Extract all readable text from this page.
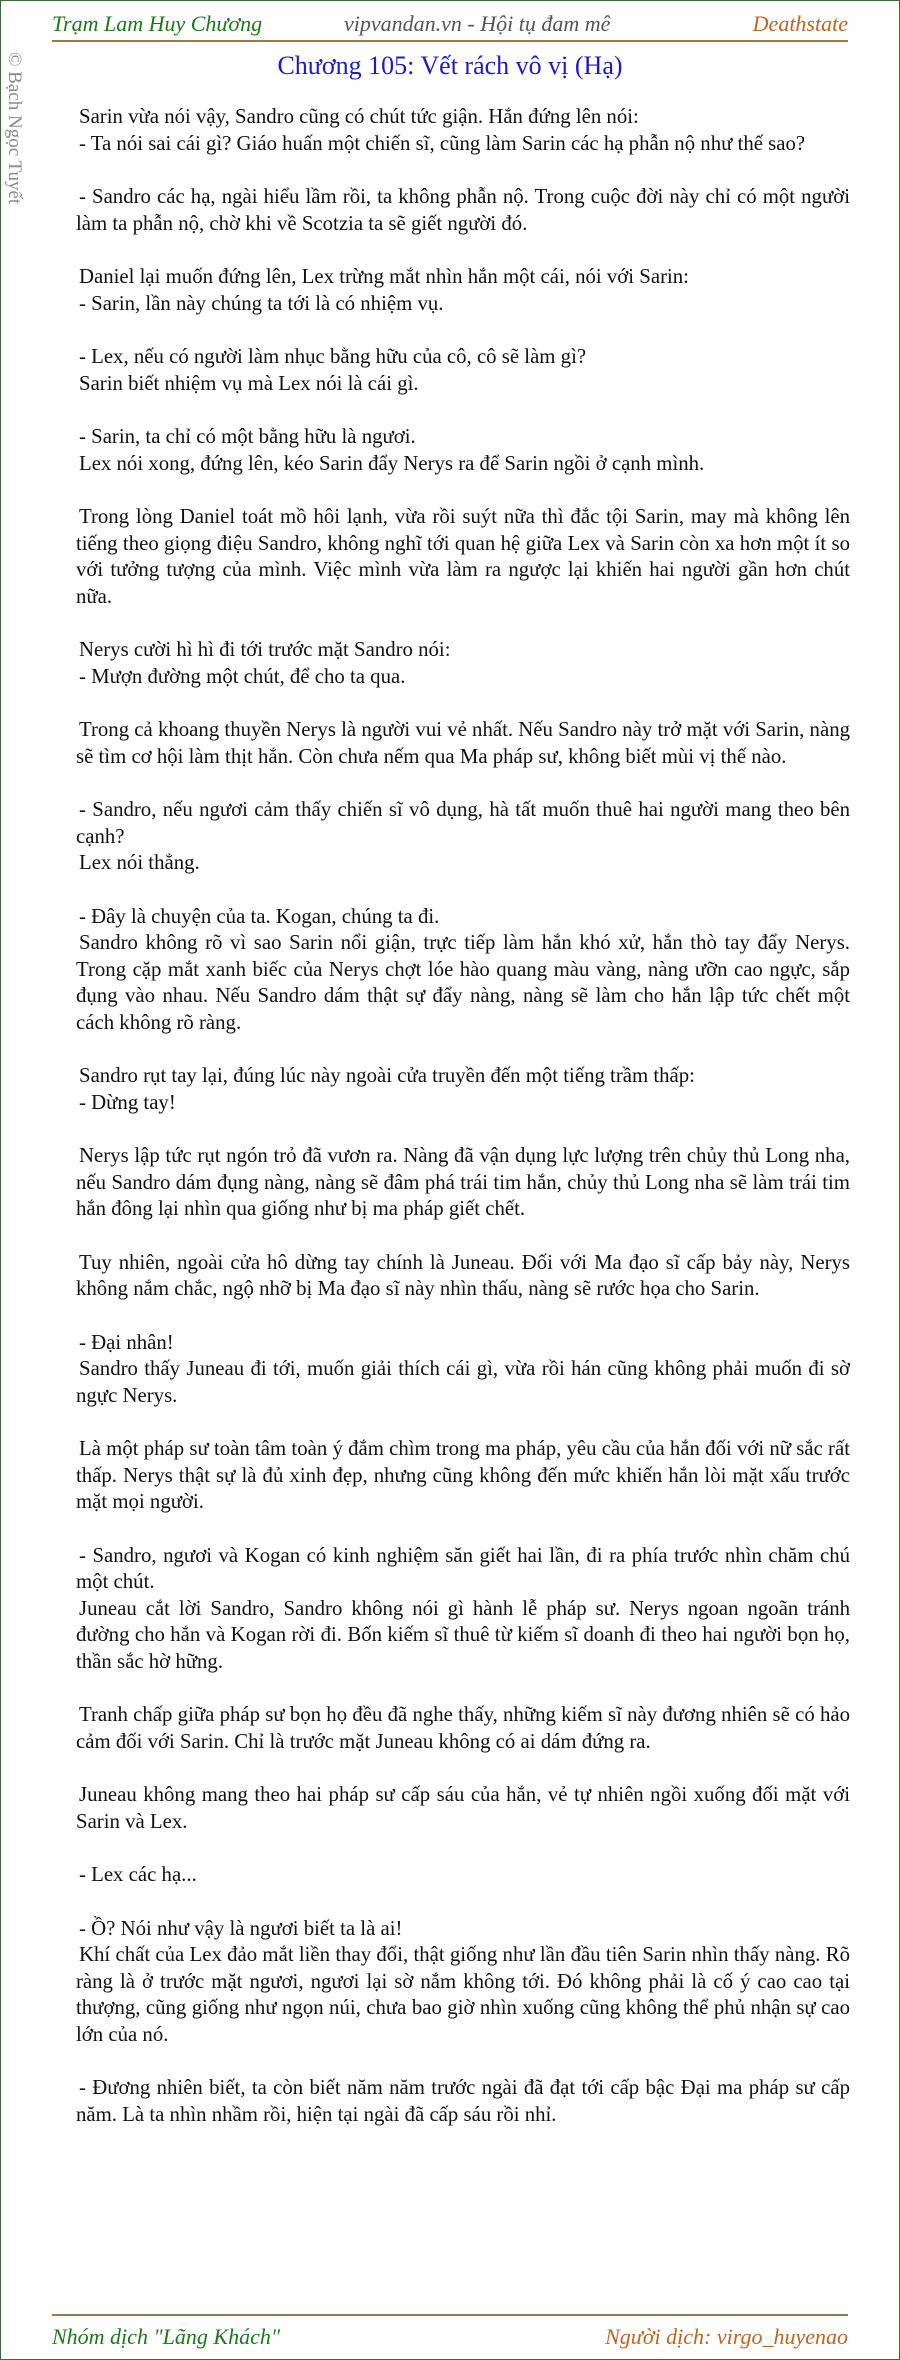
Trạm Lam Huy Chương	vipvandan.vn - Hội tụ đam mê	Deathstate
© Bạch Ngọc Tuyết	Chương 105: Vết rách vô vị (Hạ)
Sarin vừa nói vậy, Sandro cũng có chút tức giận. Hắn đứng lên nói:
- Ta nói sai cái gì? Giáo huấn một chiến sĩ, cũng làm Sarin các hạ phẫn nộ như thế sao?
- Sandro các hạ, ngài hiểu lầm rồi, ta không phẫn nộ. Trong cuộc đời này chỉ có một người làm ta phẫn nộ, chờ khi về Scotzia ta sẽ giết người đó.
Daniel lại muốn đứng lên, Lex trừng mắt nhìn hắn một cái, nói với Sarin:
- Sarin, lần này chúng ta tới là có nhiệm vụ.
- Lex, nếu có người làm nhục bằng hữu của cô, cô sẽ làm gì?
Sarin biết nhiệm vụ mà Lex nói là cái gì.
- Sarin, ta chỉ có một bằng hữu là ngươi.
Lex nói xong, đứng lên, kéo Sarin đẩy Nerys ra để Sarin ngồi ở cạnh mình.
Trong lòng Daniel toát mồ hôi lạnh, vừa rồi suýt nữa thì đắc tội Sarin, may mà không lên tiếng theo giọng điệu Sandro, không nghĩ tới quan hệ giữa Lex và Sarin còn xa hơn một ít so với tưởng tượng của mình. Việc mình vừa làm ra ngược lại khiến hai người gần hơn chút nữa.
Nerys cười hì hì đi tới trước mặt Sandro nói:
- Mượn đường một chút, để cho ta qua.
Trong cả khoang thuyền Nerys là người vui vẻ nhất. Nếu Sandro này trở mặt với Sarin, nàng sẽ tìm cơ hội làm thịt hắn. Còn chưa nếm qua Ma pháp sư, không biết mùi vị thế nào.
- Sandro, nếu ngươi cảm thấy chiến sĩ vô dụng, hà tất muốn thuê hai người mang theo bên cạnh?
Lex nói thẳng.
- Đây là chuyện của ta. Kogan, chúng ta đi.
Sandro không rõ vì sao Sarin nổi giận, trực tiếp làm hắn khó xử, hắn thò tay đẩy Nerys. Trong cặp mắt xanh biếc của Nerys chợt lóe hào quang màu vàng, nàng ưỡn cao ngực, sắp đụng vào nhau. Nếu Sandro dám thật sự đẩy nàng, nàng sẽ làm cho hắn lập tức chết một cách không rõ ràng.
Sandro rụt tay lại, đúng lúc này ngoài cửa truyền đến một tiếng trầm thấp:
- Dừng tay!
Nerys lập tức rụt ngón trỏ đã vươn ra. Nàng đã vận dụng lực lượng trên chủy thủ Long nha, nếu Sandro dám đụng nàng, nàng sẽ đâm phá trái tim hắn, chủy thủ Long nha sẽ làm trái tim hắn đông lại nhìn qua giống như bị ma pháp giết chết.
Tuy nhiên, ngoài cửa hô dừng tay chính là Juneau. Đối với Ma đạo sĩ cấp bảy này, Nerys không nắm chắc, ngộ nhỡ bị Ma đạo sĩ này nhìn thấu, nàng sẽ rước họa cho Sarin.
- Đại nhân!
Sandro thấy Juneau đi tới, muốn giải thích cái gì, vừa rồi hán cũng không phải muốn đi sờ ngực Nerys.
Là một pháp sư toàn tâm toàn ý đắm chìm trong ma pháp, yêu cầu của hắn đối với nữ sắc rất thấp. Nerys thật sự là đủ xinh đẹp, nhưng cũng không đến mức khiến hắn lòi mặt xấu trước mặt mọi người.
- Sandro, ngươi và Kogan có kinh nghiệm săn giết hai lần, đi ra phía trước nhìn chăm chú một chút.
Juneau cắt lời Sandro, Sandro không nói gì hành lễ pháp sư. Nerys ngoan ngoãn tránh đường cho hắn và Kogan rời đi. Bốn kiếm sĩ thuê từ kiếm sĩ doanh đi theo hai người bọn họ, thần sắc hờ hững.
Tranh chấp giữa pháp sư bọn họ đều đã nghe thấy, những kiếm sĩ này đương nhiên sẽ có hảo cảm đối với Sarin. Chỉ là trước mặt Juneau không có ai dám đứng ra.
Juneau không mang theo hai pháp sư cấp sáu của hắn, vẻ tự nhiên ngồi xuống đối mặt với Sarin và Lex.
- Lex các hạ...
- Ồ? Nói như vậy là ngươi biết ta là ai!
Khí chất của Lex đảo mắt liền thay đổi, thật giống như lần đầu tiên Sarin nhìn thấy nàng. Rõ ràng là ở trước mặt ngươi, ngươi lại sờ nắm không tới. Đó không phải là cố ý cao cao tại thượng, cũng giống như ngọn núi, chưa bao giờ nhìn xuống cũng không thể phủ nhận sự cao lớn của nó.
- Đương nhiên biết, ta còn biết năm năm trước ngài đã đạt tới cấp bậc Đại ma pháp sư cấp năm. Là ta nhìn nhầm rồi, hiện tại ngài đã cấp sáu rồi nhỉ.
Nhóm dịch "Lãng Khách"	Người dịch: virgo_huyenao
